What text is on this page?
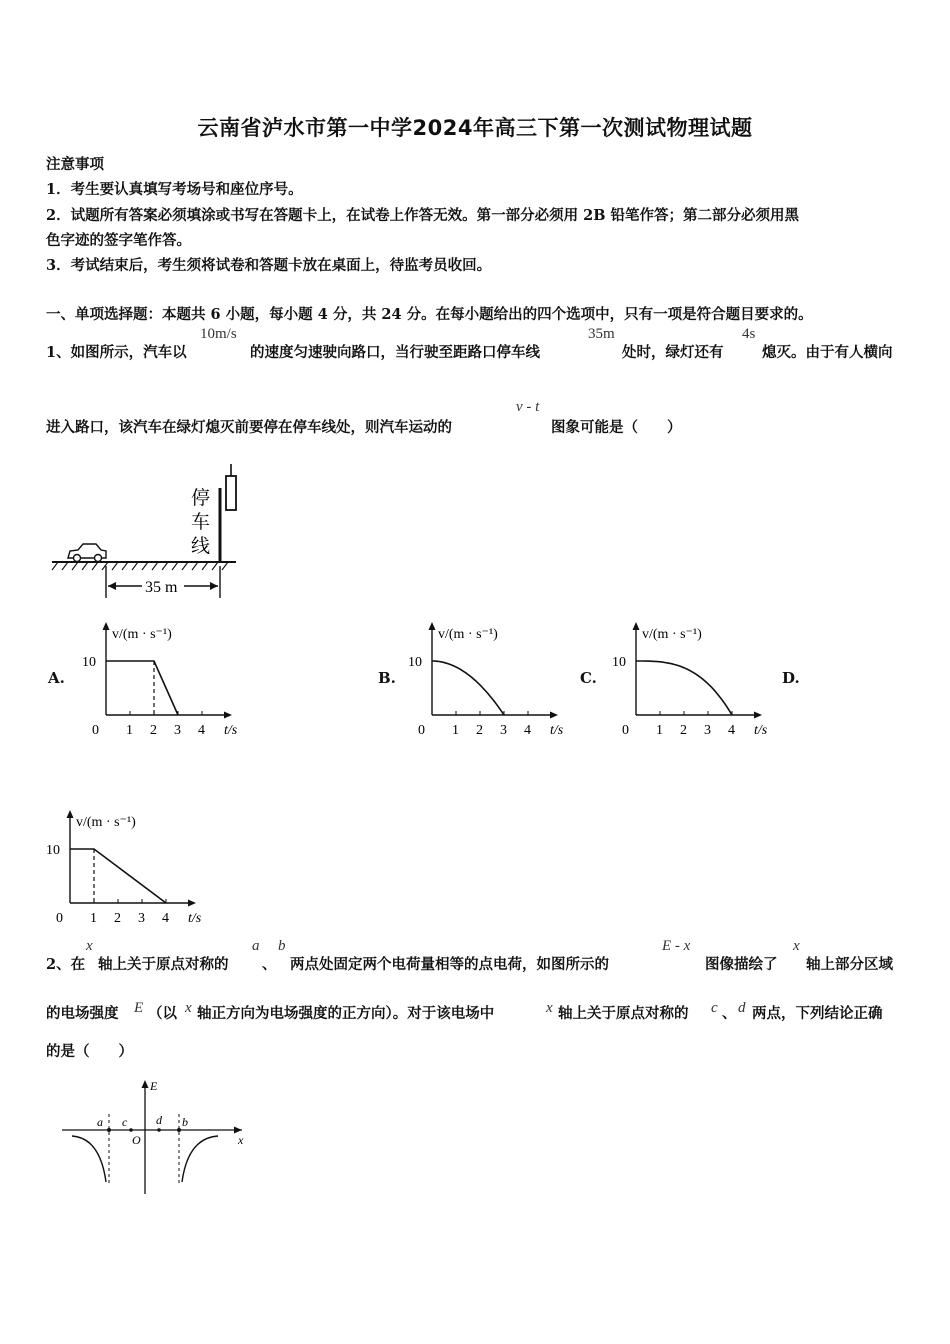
云南省泸水市第一中学2024年高三下第一次测试物理试题
注意事项
1．考生要认真填写考场号和座位序号。
2．试题所有答案必须填涂或书写在答题卡上，在试卷上作答无效。第一部分必须用 2B 铅笔作答；第二部分必须用黑
色字迹的签字笔作答。
3．考试结束后，考生须将试卷和答题卡放在桌面上，待监考员收回。
一、单项选择题：本题共 6 小题，每小题 4 分，共 24 分。在每小题给出的四个选项中，只有一项是符合题目要求的。
1、如图所示，汽车以
10m/s
的速度匀速驶向路口，当行驶至距路口停车线
35m
处时，绿灯还有
4s
熄灭。由于有人横向
进入路口，该汽车在绿灯熄灭前要停在停车线处，则汽车运动的
v - t
图象可能是（　　）
停
车
线
35 m
A.	B.	C.	D.
v/(m · s⁻¹)
t/s
10
0 1 2 3 4
v/(m · s⁻¹)
t/s
10
0 1 2 3 4
v/(m · s⁻¹)
t/s
10
0 1 2 3 4
v/(m · s⁻¹)
t/s
10
0 1 2 3 4
2、在
x
轴上关于原点对称的
a
、
b
两点处固定两个电荷量相等的点电荷，如图所示的
E - x
图像描绘了
x
轴上部分区域
的电场强度 E （以 x 轴正方向为电场强度的正方向）。对于该电场中	x 轴上关于原点对称的 c 、 d 两点，下列结论正确
的是（　　）
E
x
O
a c d b
